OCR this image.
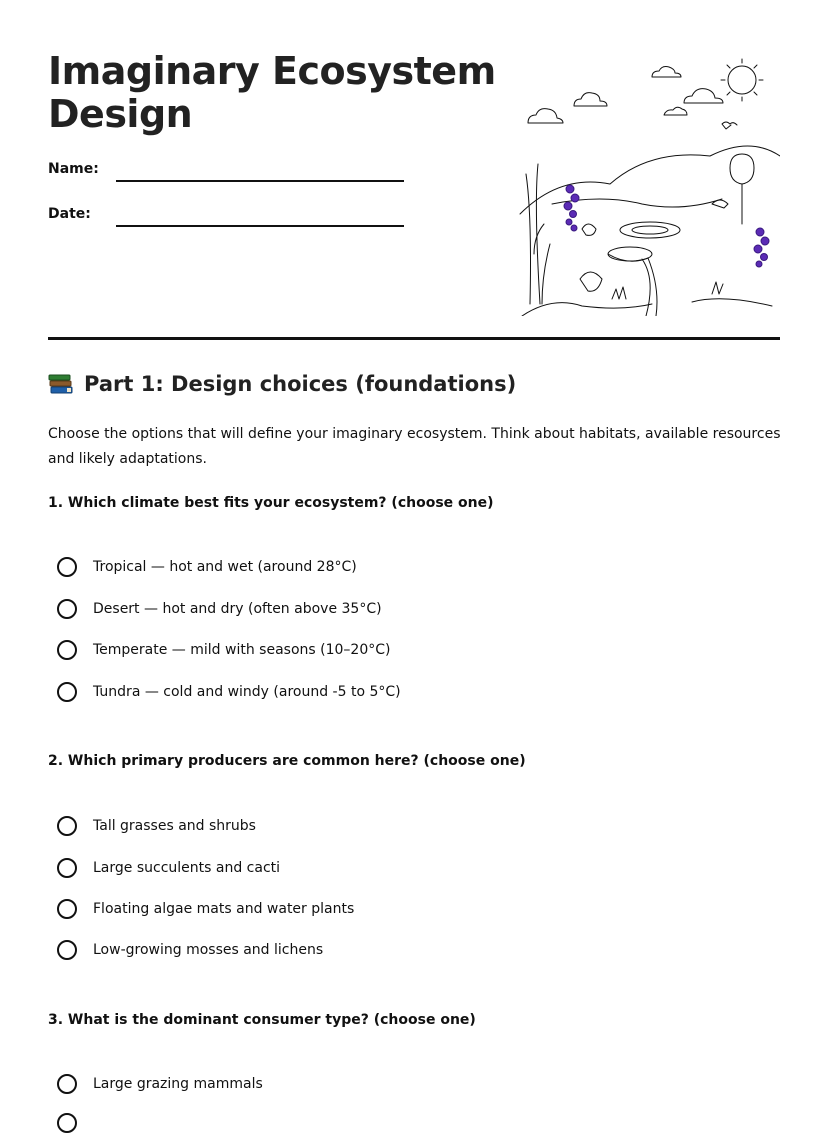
Imaginary Ecosystem
Design
Name:
Date:
Part 1: Design choices (foundations)
Choose the options that will define your imaginary ecosystem. Think about habitats, available resources and likely adaptations.
1. Which climate best fits your ecosystem? (choose one)
Tropical — hot and wet (around 28°C)
Desert — hot and dry (often above 35°C)
Temperate — mild with seasons (10–20°C)
Tundra — cold and windy (around -5 to 5°C)
2. Which primary producers are common here? (choose one)
Tall grasses and shrubs
Large succulents and cacti
Floating algae mats and water plants
Low-growing mosses and lichens
3. What is the dominant consumer type? (choose one)
Large grazing mammals
